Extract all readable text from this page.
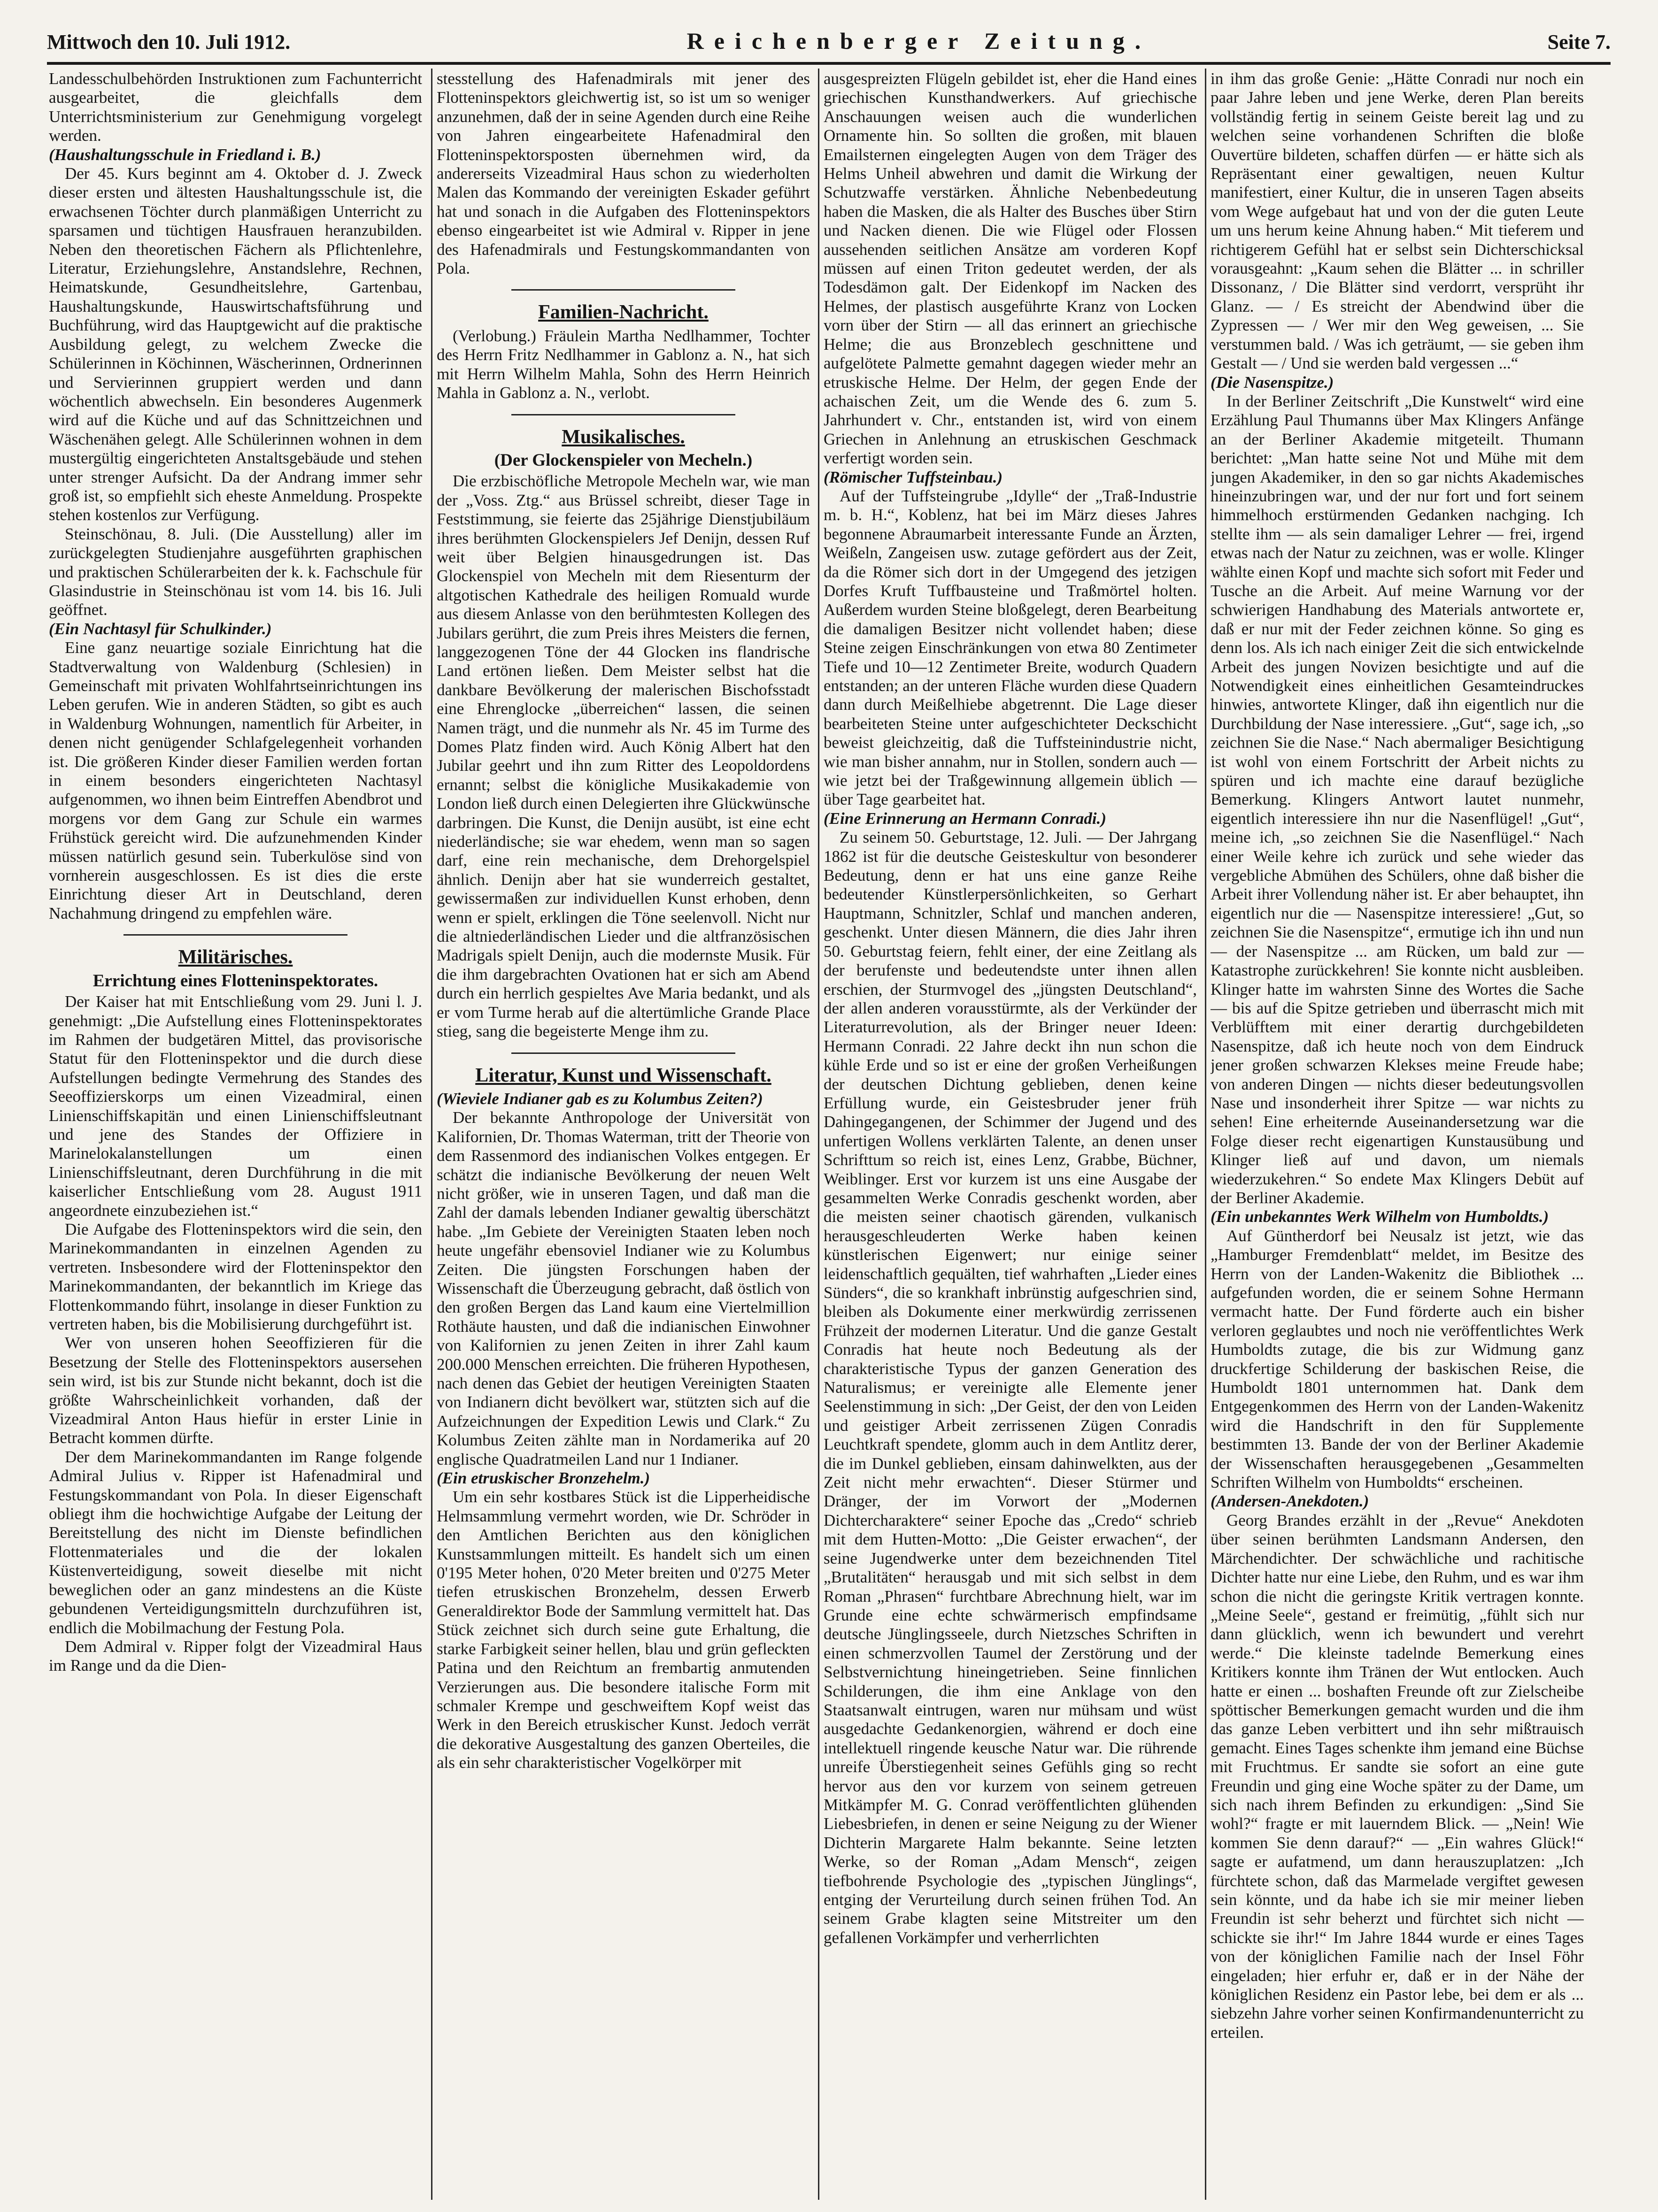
Mittwoch den 10. Juli 1912.	Reichenberger Zeitung.	Seite 7.

Landesschulbehörden Instruktionen zum Fachunterricht ausgearbeitet, die gleichfalls dem Unterrichtsministerium zur Genehmigung vorgelegt werden.

(Haushaltungsschule in Friedland i. B.)

Der 45. Kurs beginnt am 4. Oktober d. J. Zweck dieser ersten und ältesten Haushaltungsschule ist, die erwachsenen Töchter durch planmäßigen Unterricht zu sparsamen und tüchtigen Hausfrauen heranzubilden. Neben den theoretischen Fächern als Pflichtenlehre, Literatur, Erziehungslehre, Anstandslehre, Rechnen, Heimatskunde, Gesundheitslehre, Gartenbau, Haushaltungskunde, Hauswirtschaftsführung und Buchführung, wird das Hauptgewicht auf die praktische Ausbildung gelegt, zu welchem Zwecke die Schülerinnen in Köchinnen, Wäscherinnen, Ordnerinnen und Servierinnen gruppiert werden und dann wöchentlich abwechseln. Ein besonderes Augenmerk wird auf die Küche und auf das Schnittzeichnen und Wäschenähen gelegt. Alle Schülerinnen wohnen in dem mustergültig eingerichteten Anstaltsgebäude und stehen unter strenger Aufsicht. Da der Andrang immer sehr groß ist, so empfiehlt sich eheste Anmeldung. Prospekte stehen kostenlos zur Verfügung.

Steinschönau, 8. Juli. (Die Ausstellung) aller im zurückgelegten Studienjahre ausgeführten graphischen und praktischen Schülerarbeiten der k. k. Fachschule für Glasindustrie in Steinschönau ist vom 14. bis 16. Juli geöffnet.

(Ein Nachtasyl für Schulkinder.)

Eine ganz neuartige soziale Einrichtung hat die Stadtverwaltung von Waldenburg (Schlesien) in Gemeinschaft mit privaten Wohlfahrtseinrichtungen ins Leben gerufen. Wie in anderen Städten, so gibt es auch in Waldenburg Wohnungen, namentlich für Arbeiter, in denen nicht genügender Schlafgelegenheit vorhanden ist. Die größeren Kinder dieser Familien werden fortan in einem besonders eingerichteten Nachtasyl aufgenommen, wo ihnen beim Eintreffen Abendbrot und morgens vor dem Gang zur Schule ein warmes Frühstück gereicht wird. Die aufzunehmenden Kinder müssen natürlich gesund sein. Tuberkulöse sind von vornherein ausgeschlossen. Es ist dies die erste Einrichtung dieser Art in Deutschland, deren Nachahmung dringend zu empfehlen wäre.

Militärisches.
Errichtung eines Flotteninspektorates.

Der Kaiser hat mit Entschließung vom 29. Juni l. J. genehmigt: „Die Aufstellung eines Flotteninspektorates im Rahmen der budgetären Mittel, das provisorische Statut für den Flotteninspektor und die durch diese Aufstellungen bedingte Vermehrung des Standes des Seeoffizierskorps um einen Vizeadmiral, einen Linienschiffskapitän und einen Linienschiffsleutnant und jene des Standes der Offiziere in Marinelokalanstellungen um einen Linienschiffsleutnant, deren Durchführung in die mit kaiserlicher Entschließung vom 28. August 1911 angeordnete einzubeziehen ist.“

Die Aufgabe des Flotteninspektors wird die sein, den Marinekommandanten in einzelnen Agenden zu vertreten. Insbesondere wird der Flotteninspektor den Marinekommandanten, der bekanntlich im Kriege das Flottenkommando führt, insolange in dieser Funktion zu vertreten haben, bis die Mobilisierung durchgeführt ist.

Wer von unseren hohen Seeoffizieren für die Besetzung der Stelle des Flotteninspektors ausersehen sein wird, ist bis zur Stunde nicht bekannt, doch ist die größte Wahrscheinlichkeit vorhanden, daß der Vizeadmiral Anton Haus hiefür in erster Linie in Betracht kommen dürfte.

Der dem Marinekommandanten im Range folgende Admiral Julius v. Ripper ist Hafenadmiral und Festungskommandant von Pola. In dieser Eigenschaft obliegt ihm die hochwichtige Aufgabe der Leitung der Bereitstellung des nicht im Dienste befindlichen Flottenmateriales und die der lokalen Küstenverteidigung, soweit dieselbe mit nicht beweglichen oder an ganz mindestens an die Küste gebundenen Verteidigungsmitteln durchzuführen ist, endlich die Mobilmachung der Festung Pola.

Dem Admiral v. Ripper folgt der Vizeadmiral Haus im Range und da die Dien-

stesstellung des Hafenadmirals mit jener des Flotteninspektors gleichwertig ist, so ist um so weniger anzunehmen, daß der in seine Agenden durch eine Reihe von Jahren eingearbeitete Hafenadmiral den Flotteninspektorsposten übernehmen wird, da andererseits Vizeadmiral Haus schon zu wiederholten Malen das Kommando der vereinigten Eskader geführt hat und sonach in die Aufgaben des Flotteninspektors ebenso eingearbeitet ist wie Admiral v. Ripper in jene des Hafenadmirals und Festungskommandanten von Pola.

Familien-Nachricht.

(Verlobung.) Fräulein Martha Nedlhammer, Tochter des Herrn Fritz Nedlhammer in Gablonz a. N., hat sich mit Herrn Wilhelm Mahla, Sohn des Herrn Heinrich Mahla in Gablonz a. N., verlobt.

Musikalisches.
(Der Glockenspieler von Mecheln.)

Die erzbischöfliche Metropole Mecheln war, wie man der „Voss. Ztg.“ aus Brüssel schreibt, dieser Tage in Feststimmung, sie feierte das 25jährige Dienstjubiläum ihres berühmten Glockenspielers Jef Denijn, dessen Ruf weit über Belgien hinausgedrungen ist. Das Glockenspiel von Mecheln mit dem Riesenturm der altgotischen Kathedrale des heiligen Romuald wurde aus diesem Anlasse von den berühmtesten Kollegen des Jubilars gerührt, die zum Preis ihres Meisters die fernen, langgezogenen Töne der 44 Glocken ins flandrische Land ertönen ließen. Dem Meister selbst hat die dankbare Bevölkerung der malerischen Bischofsstadt eine Ehrenglocke „überreichen“ lassen, die seinen Namen trägt, und die nunmehr als Nr. 45 im Turme des Domes Platz finden wird. Auch König Albert hat den Jubilar geehrt und ihn zum Ritter des Leopoldordens ernannt; selbst die königliche Musikakademie von London ließ durch einen Delegierten ihre Glückwünsche darbringen. Die Kunst, die Denijn ausübt, ist eine echt niederländische; sie war ehedem, wenn man so sagen darf, eine rein mechanische, dem Drehorgelspiel ähnlich. Denijn aber hat sie wunderreich gestaltet, gewissermaßen zur individuellen Kunst erhoben, denn wenn er spielt, erklingen die Töne seelenvoll. Nicht nur die altniederländischen Lieder und die altfranzösischen Madrigals spielt Denijn, auch die modernste Musik. Für die ihm dargebrachten Ovationen hat er sich am Abend durch ein herrlich gespieltes Ave Maria bedankt, und als er vom Turme herab auf die altertümliche Grande Place stieg, sang die begeisterte Menge ihm zu.

Literatur, Kunst und Wissenschaft.

(Wieviele Indianer gab es zu Kolumbus Zeiten?)

Der bekannte Anthropologe der Universität von Kalifornien, Dr. Thomas Waterman, tritt der Theorie von dem Rassenmord des indianischen Volkes entgegen. Er schätzt die indianische Bevölkerung der neuen Welt nicht größer, wie in unseren Tagen, und daß man die Zahl der damals lebenden Indianer gewaltig überschätzt habe. „Im Gebiete der Vereinigten Staaten leben noch heute ungefähr ebensoviel Indianer wie zu Kolumbus Zeiten. Die jüngsten Forschungen haben der Wissenschaft die Überzeugung gebracht, daß östlich von den großen Bergen das Land kaum eine Viertelmillion Rothäute hausten, und daß die indianischen Einwohner von Kalifornien zu jenen Zeiten in ihrer Zahl kaum 200.000 Menschen erreichten. Die früheren Hypothesen, nach denen das Gebiet der heutigen Vereinigten Staaten von Indianern dicht bevölkert war, stützten sich auf die Aufzeichnungen der Expedition Lewis und Clark.“ Zu Kolumbus Zeiten zählte man in Nordamerika auf 20 englische Quadratmeilen Land nur 1 Indianer.

(Ein etruskischer Bronzehelm.)

Um ein sehr kostbares Stück ist die Lipperheidische Helmsammlung vermehrt worden, wie Dr. Schröder in den Amtlichen Berichten aus den königlichen Kunstsammlungen mitteilt. Es handelt sich um einen 0'195 Meter hohen, 0'20 Meter breiten und 0'275 Meter tiefen etruskischen Bronzehelm, dessen Erwerb Generaldirektor Bode der Sammlung vermittelt hat. Das Stück zeichnet sich durch seine gute Erhaltung, die starke Farbigkeit seiner hellen, blau und grün gefleckten Patina und den Reichtum an frembartig anmutenden Verzierungen aus. Die besondere italische Form mit schmaler Krempe und geschweiftem Kopf weist das Werk in den Bereich etruskischer Kunst. Jedoch verrät die dekorative Ausgestaltung des ganzen Oberteiles, die als ein sehr charakteristischer Vogelkörper mit

ausgespreizten Flügeln gebildet ist, eher die Hand eines griechischen Kunsthandwerkers. Auf griechische Anschauungen weisen auch die wunderlichen Ornamente hin. So sollten die großen, mit blauen Emailsternen eingelegten Augen von dem Träger des Helms Unheil abwehren und damit die Wirkung der Schutzwaffe verstärken. Ähnliche Nebenbedeutung haben die Masken, die als Halter des Busches über Stirn und Nacken dienen. Die wie Flügel oder Flossen aussehenden seitlichen Ansätze am vorderen Kopf müssen auf einen Triton gedeutet werden, der als Todesdämon galt. Der Eidenkopf im Nacken des Helmes, der plastisch ausgeführte Kranz von Locken vorn über der Stirn — all das erinnert an griechische Helme; die aus Bronzeblech geschnittene und aufgelötete Palmette gemahnt dagegen wieder mehr an etruskische Helme. Der Helm, der gegen Ende der achaischen Zeit, um die Wende des 6. zum 5. Jahrhundert v. Chr., entstanden ist, wird von einem Griechen in Anlehnung an etruskischen Geschmack verfertigt worden sein.

(Römischer Tuffsteinbau.)

Auf der Tuffsteingrube „Idylle“ der „Traß-Industrie m. b. H.“, Koblenz, hat bei im März dieses Jahres begonnene Abraumarbeit interessante Funde an Ärzten, Weißeln, Zangeisen usw. zutage gefördert aus der Zeit, da die Römer sich dort in der Umgegend des jetzigen Dorfes Kruft Tuffbausteine und Traßmörtel holten. Außerdem wurden Steine bloßgelegt, deren Bearbeitung die damaligen Besitzer nicht vollendet haben; diese Steine zeigen Einschränkungen von etwa 80 Zentimeter Tiefe und 10—12 Zentimeter Breite, wodurch Quadern entstanden; an der unteren Fläche wurden diese Quadern dann durch Meißelhiebe abgetrennt. Die Lage dieser bearbeiteten Steine unter aufgeschichteter Deckschicht beweist gleichzeitig, daß die Tuffsteinindustrie nicht, wie man bisher annahm, nur in Stollen, sondern auch — wie jetzt bei der Traßgewinnung allgemein üblich — über Tage gearbeitet hat.

(Eine Erinnerung an Hermann Conradi.)

Zu seinem 50. Geburtstage, 12. Juli. — Der Jahrgang 1862 ist für die deutsche Geisteskultur von besonderer Bedeutung, denn er hat uns eine ganze Reihe bedeutender Künstlerpersönlichkeiten, so Gerhart Hauptmann, Schnitzler, Schlaf und manchen anderen, geschenkt. Unter diesen Männern, die dies Jahr ihren 50. Geburtstag feiern, fehlt einer, der eine Zeitlang als der berufenste und bedeutendste unter ihnen allen erschien, der Sturmvogel des „jüngsten Deutschland“, der allen anderen vorausstürmte, als der Verkünder der Literaturrevolution, als der Bringer neuer Ideen: Hermann Conradi. 22 Jahre deckt ihn nun schon die kühle Erde und so ist er eine der großen Verheißungen der deutschen Dichtung geblieben, denen keine Erfüllung wurde, ein Geistesbruder jener früh Dahingegangenen, der Schimmer der Jugend und des unfertigen Wollens verklärten Talente, an denen unser Schrifttum so reich ist, eines Lenz, Grabbe, Büchner, Weiblinger. Erst vor kurzem ist uns eine Ausgabe der gesammelten Werke Conradis geschenkt worden, aber die meisten seiner chaotisch gärenden, vulkanisch herausgeschleuderten Werke haben keinen künstlerischen Eigenwert; nur einige seiner leidenschaftlich gequälten, tief wahrhaften „Lieder eines Sünders“, die so krankhaft inbrünstig aufgeschrien sind, bleiben als Dokumente einer merkwürdig zerrissenen Frühzeit der modernen Literatur. Und die ganze Gestalt Conradis hat heute noch Bedeutung als der charakteristische Typus der ganzen Generation des Naturalismus; er vereinigte alle Elemente jener Seelenstimmung in sich: „Der Geist, der den von Leiden und geistiger Arbeit zerrissenen Zügen Conradis Leuchtkraft spendete, glomm auch in dem Antlitz derer, die im Dunkel geblieben, einsam dahinwelkten, aus der Zeit nicht mehr erwachten“. Dieser Stürmer und Dränger, der im Vorwort der „Modernen Dichtercharaktere“ seiner Epoche das „Credo“ schrieb mit dem Hutten-Motto: „Die Geister erwachen“, der seine Jugendwerke unter dem bezeichnenden Titel „Brutalitäten“ herausgab und mit sich selbst in dem Roman „Phrasen“ furchtbare Abrechnung hielt, war im Grunde eine echte schwärmerisch empfindsame deutsche Jünglingsseele, durch Nietzsches Schriften in einen schmerzvollen Taumel der Zerstörung und der Selbstvernichtung hineingetrieben. Seine finnlichen Schilderungen, die ihm eine Anklage von den Staatsanwalt eintrugen, waren nur mühsam und wüst ausgedachte Gedankenorgien, während er doch eine intellektuell ringende keusche Natur war. Die rührende unreife Überstiegenheit seines Gefühls ging so recht hervor aus den vor kurzem von seinem getreuen Mitkämpfer M. G. Conrad veröffentlichten glühenden Liebesbriefen, in denen er seine Neigung zu der Wiener Dichterin Margarete Halm bekannte. Seine letzten Werke, so der Roman „Adam Mensch“, zeigen tiefbohrende Psychologie des „typischen Jünglings“, entging der Verurteilung durch seinen frühen Tod. An seinem Grabe klagten seine Mitstreiter um den gefallenen Vorkämpfer und verherrlichten

in ihm das große Genie: „Hätte Conradi nur noch ein paar Jahre leben und jene Werke, deren Plan bereits vollständig fertig in seinem Geiste bereit lag und zu welchen seine vorhandenen Schriften die bloße Ouvertüre bildeten, schaffen dürfen — er hätte sich als Repräsentant einer gewaltigen, neuen Kultur manifestiert, einer Kultur, die in unseren Tagen abseits vom Wege aufgebaut hat und von der die guten Leute um uns herum keine Ahnung haben.“ Mit tieferem und richtigerem Gefühl hat er selbst sein Dichterschicksal vorausgeahnt: „Kaum sehen die Blätter ... in schriller Dissonanz, / Die Blätter sind verdorrt, versprüht ihr Glanz. — / Es streicht der Abendwind über die Zypressen — / Wer mir den Weg geweisen, ... Sie verstummen bald. / Was ich geträumt, — sie geben ihm Gestalt — / Und sie werden bald vergessen ...“

(Die Nasenspitze.)

In der Berliner Zeitschrift „Die Kunstwelt“ wird eine Erzählung Paul Thumanns über Max Klingers Anfänge an der Berliner Akademie mitgeteilt. Thumann berichtet: „Man hatte seine Not und Mühe mit dem jungen Akademiker, in den so gar nichts Akademisches hineinzubringen war, und der nur fort und fort seinem himmelhoch erstürmenden Gedanken nachging. Ich stellte ihm — als sein damaliger Lehrer — frei, irgend etwas nach der Natur zu zeichnen, was er wolle. Klinger wählte einen Kopf und machte sich sofort mit Feder und Tusche an die Arbeit. Auf meine Warnung vor der schwierigen Handhabung des Materials antwortete er, daß er nur mit der Feder zeichnen könne. So ging es denn los. Als ich nach einiger Zeit die sich entwickelnde Arbeit des jungen Novizen besichtigte und auf die Notwendigkeit eines einheitlichen Gesamteindruckes hinwies, antwortete Klinger, daß ihn eigentlich nur die Durchbildung der Nase interessiere. „Gut“, sage ich, „so zeichnen Sie die Nase.“ Nach abermaliger Besichtigung ist wohl von einem Fortschritt der Arbeit nichts zu spüren und ich machte eine darauf bezügliche Bemerkung. Klingers Antwort lautet nunmehr, eigentlich interessiere ihn nur die Nasenflügel! „Gut“, meine ich, „so zeichnen Sie die Nasenflügel.“ Nach einer Weile kehre ich zurück und sehe wieder das vergebliche Abmühen des Schülers, ohne daß bisher die Arbeit ihrer Vollendung näher ist. Er aber behauptet, ihn eigentlich nur die — Nasenspitze interessiere! „Gut, so zeichnen Sie die Nasenspitze“, ermutige ich ihn und nun — der Nasenspitze ... am Rücken, um bald zur — Katastrophe zurückkehren! Sie konnte nicht ausbleiben. Klinger hatte im wahrsten Sinne des Wortes die Sache — bis auf die Spitze getrieben und überrascht mich mit Verblüfftem mit einer derartig durchgebildeten Nasenspitze, daß ich heute noch von dem Eindruck jener großen schwarzen Klekses meine Freude habe; von anderen Dingen — nichts dieser bedeutungsvollen Nase und insonderheit ihrer Spitze — war nichts zu sehen! Eine erheiternde Auseinandersetzung war die Folge dieser recht eigenartigen Kunstausübung und Klinger ließ auf und davon, um niemals wiederzukehren.“ So endete Max Klingers Debüt auf der Berliner Akademie.

(Ein unbekanntes Werk Wilhelm von Humboldts.)

Auf Güntherdorf bei Neusalz ist jetzt, wie das „Hamburger Fremdenblatt“ meldet, im Besitze des Herrn von der Landen-Wakenitz die Bibliothek ... aufgefunden worden, die er seinem Sohne Hermann vermacht hatte. Der Fund förderte auch ein bisher verloren geglaubtes und noch nie veröffentlichtes Werk Humboldts zutage, die bis zur Widmung ganz druckfertige Schilderung der baskischen Reise, die Humboldt 1801 unternommen hat. Dank dem Entgegenkommen des Herrn von der Landen-Wakenitz wird die Handschrift in den für Supplemente bestimmten 13. Bande der von der Berliner Akademie der Wissenschaften herausgegebenen „Gesammelten Schriften Wilhelm von Humboldts“ erscheinen.

(Andersen-Anekdoten.)

Georg Brandes erzählt in der „Revue“ Anekdoten über seinen berühmten Landsmann Andersen, den Märchendichter. Der schwächliche und rachitische Dichter hatte nur eine Liebe, den Ruhm, und es war ihm schon die nicht die geringste Kritik vertragen konnte. „Meine Seele“, gestand er freimütig, „fühlt sich nur dann glücklich, wenn ich bewundert und verehrt werde.“ Die kleinste tadelnde Bemerkung eines Kritikers konnte ihm Tränen der Wut entlocken. Auch hatte er einen ... boshaften Freunde oft zur Zielscheibe spöttischer Bemerkungen gemacht wurden und die ihm das ganze Leben verbittert und ihn sehr mißtrauisch gemacht. Eines Tages schenkte ihm jemand eine Büchse mit Fruchtmus. Er sandte sie sofort an eine gute Freundin und ging eine Woche später zu der Dame, um sich nach ihrem Befinden zu erkundigen: „Sind Sie wohl?“ fragte er mit lauerndem Blick. — „Nein! Wie kommen Sie denn darauf?“ — „Ein wahres Glück!“ sagte er aufatmend, um dann herauszuplatzen: „Ich fürchtete schon, daß das Marmelade vergiftet gewesen sein könnte, und da habe ich sie mir meiner lieben Freundin ist sehr beherzt und fürchtet sich nicht — schickte sie ihr!“ Im Jahre 1844 wurde er eines Tages von der königlichen Familie nach der Insel Föhr eingeladen; hier erfuhr er, daß er in der Nähe der königlichen Residenz ein Pastor lebe, bei dem er als ... siebzehn Jahre vorher seinen Konfirmandenunterricht zu erteilen.
